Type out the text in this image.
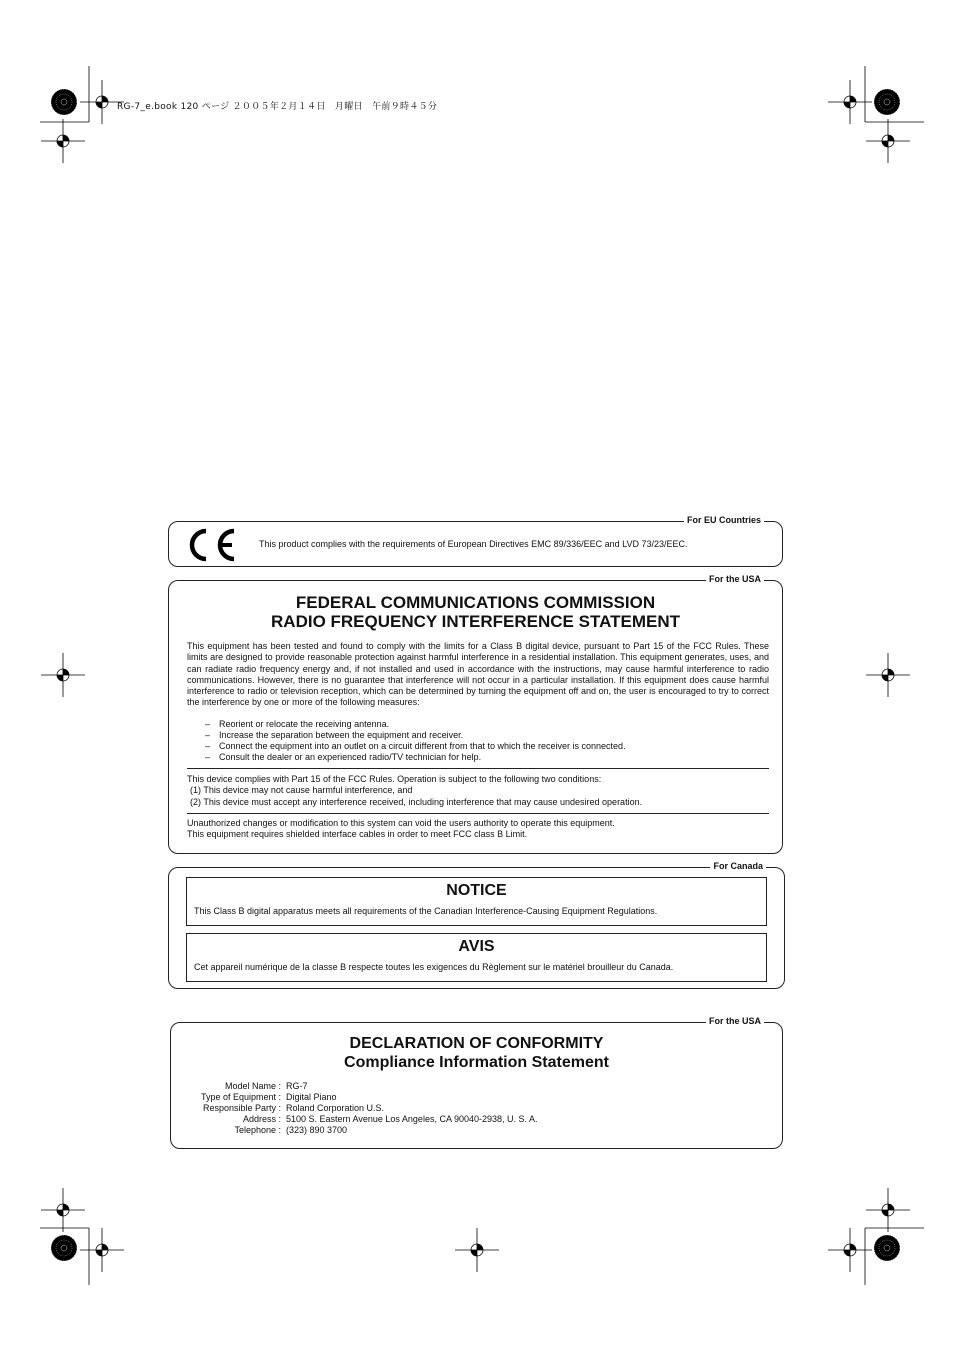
RG-7_e.book 120 ページ ２００５年２月１４日　月曜日　午前９時４５分
This product complies with the requirements of European Directives EMC 89/336/EEC and LVD 73/23/EEC.
For EU Countries
FEDERAL COMMUNICATIONS COMMISSION
RADIO FREQUENCY INTERFERENCE STATEMENT

This equipment has been tested and found to comply with the limits for a Class B digital device, pursuant to Part 15 of the FCC Rules. These limits are designed to provide reasonable protection against harmful interference in a residential installation. This equipment generates, uses, and can radiate radio frequency energy and, if not installed and used in accordance with the instructions, may cause harmful interference to radio communications. However, there is no guarantee that interference will not occur in a particular installation. If this equipment does cause harmful interference to radio or television reception, which can be determined by turning the equipment off and on, the user is encouraged to try to correct the interference by one or more of the following measures:

– Reorient or relocate the receiving antenna.
– Increase the separation between the equipment and receiver.
– Connect the equipment into an outlet on a circuit different from that to which the receiver is connected.
– Consult the dealer or an experienced radio/TV technician for help.

This device complies with Part 15 of the FCC Rules. Operation is subject to the following two conditions:

(1) This device may not cause harmful interference, and

(2) This device must accept any interference received, including interference that may cause undesired operation.

Unauthorized changes or modification to this system can void the users authority to operate this equipment.

This equipment requires shielded interface cables in order to meet FCC class B Limit.

For the USA
NOTICE
This Class B digital apparatus meets all requirements of the Canadian Interference-Causing Equipment Regulations.
AVIS
Cet appareil numérique de la classe B respecte toutes les exigences du Règlement sur le matériel brouilleur du Canada.
For Canada
DECLARATION OF CONFORMITY
Compliance Information Statement
Model Name : RG-7
Type of Equipment : Digital Piano
Responsible Party : Roland Corporation U.S.
Address : 5100 S. Eastern Avenue Los Angeles, CA 90040-2938, U. S. A.
Telephone : (323) 890 3700
For the USA
